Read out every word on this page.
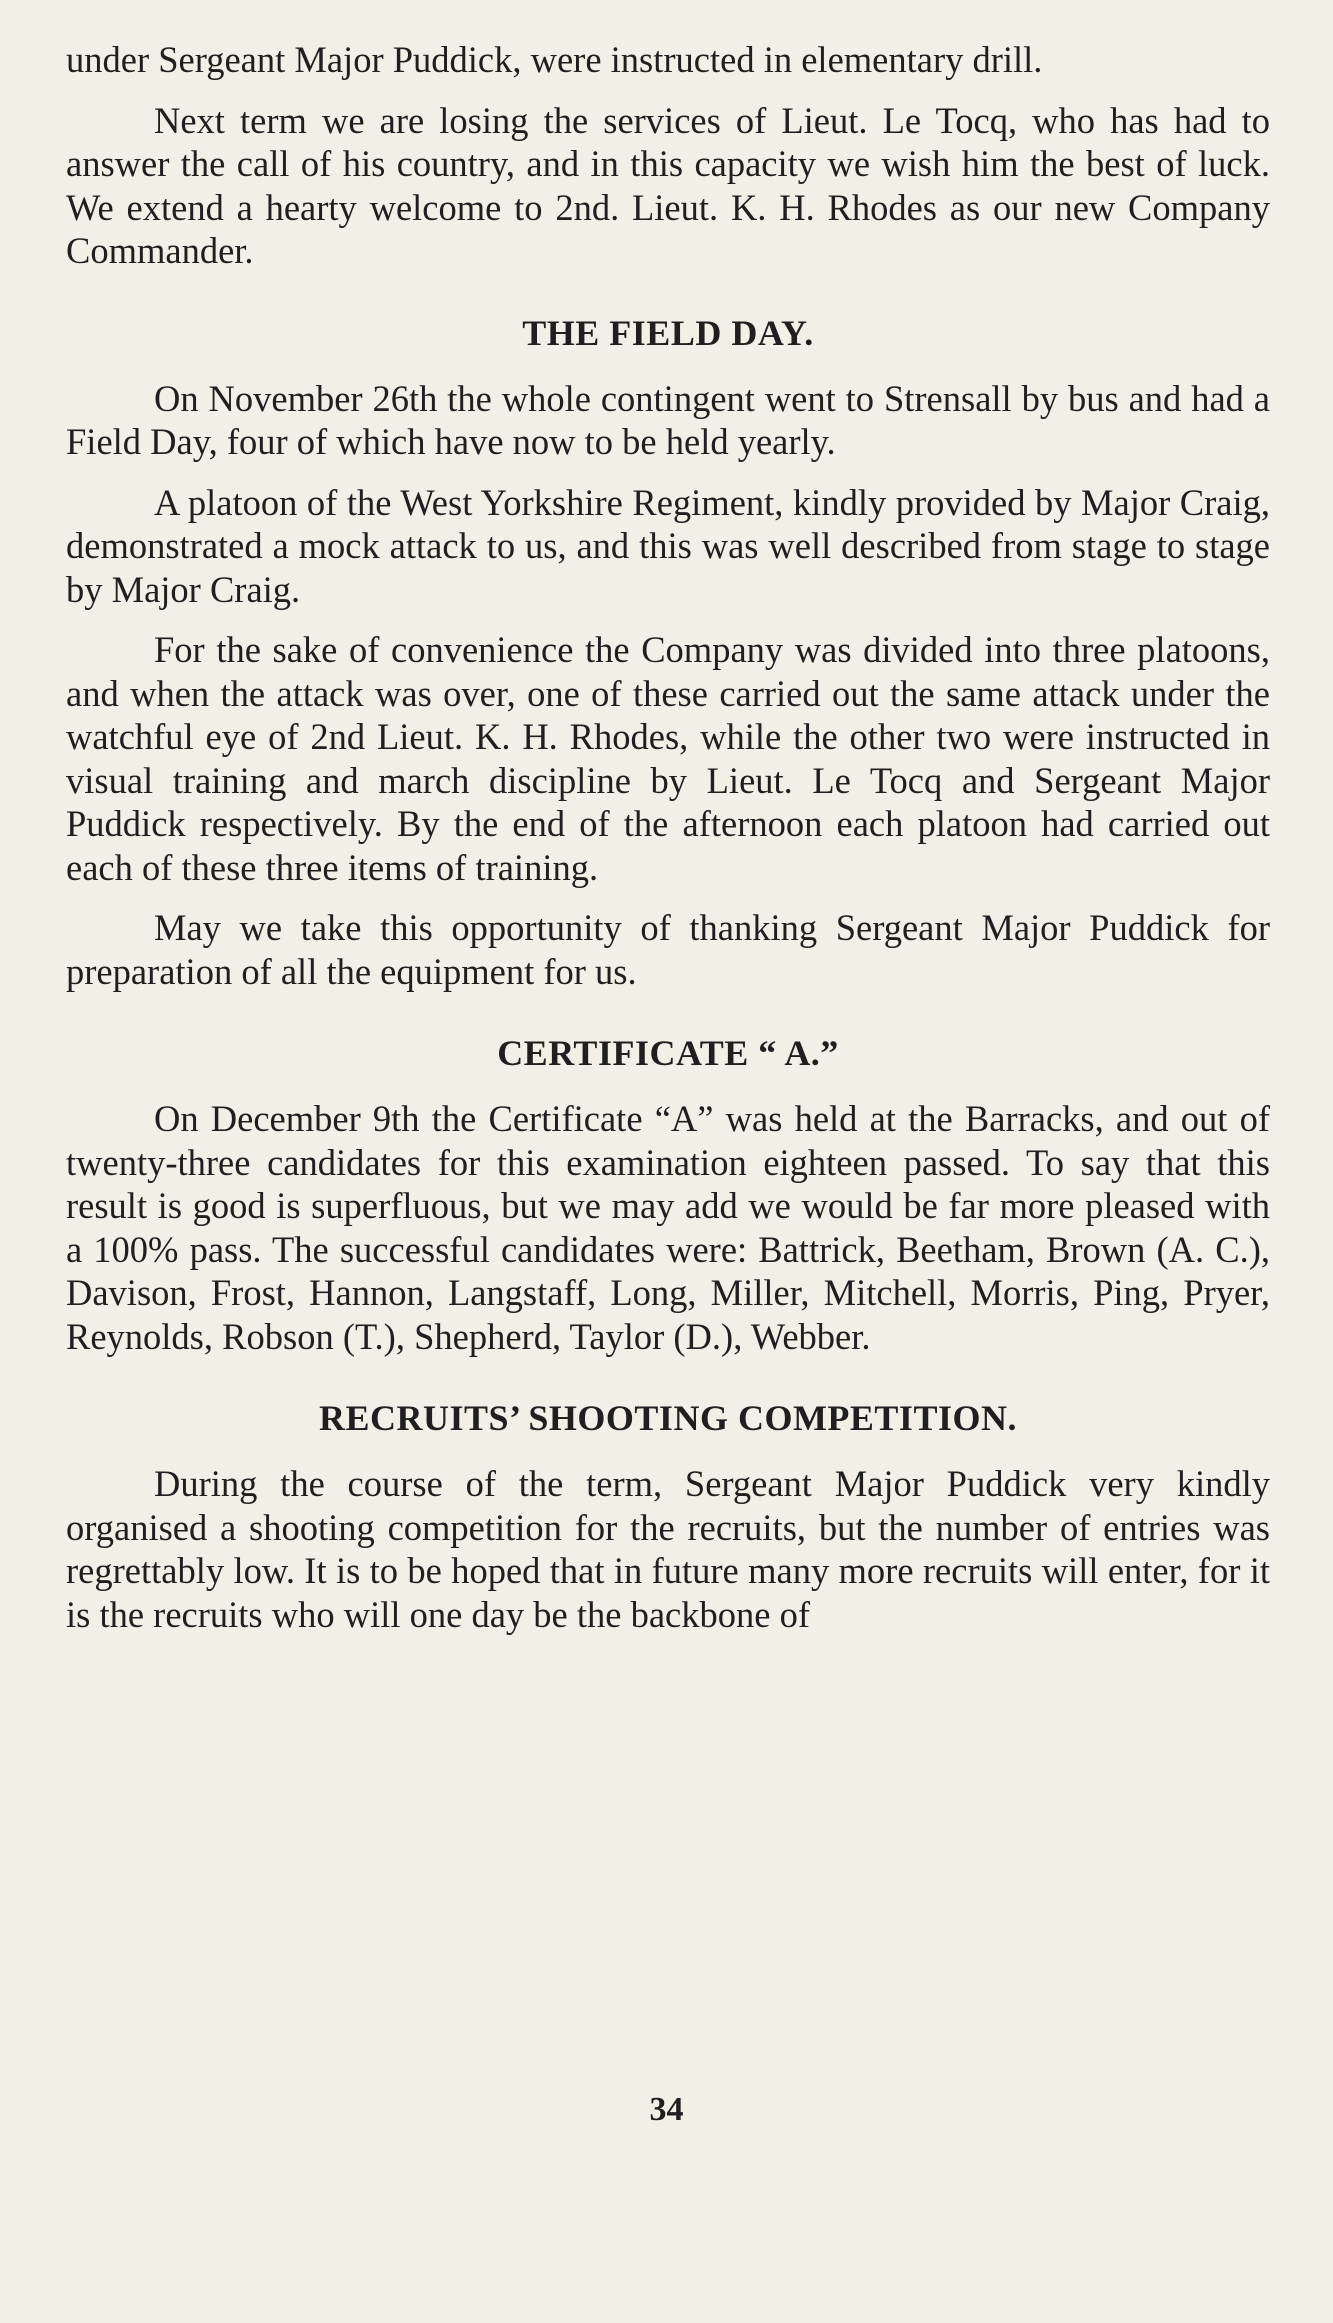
under Sergeant Major Puddick, were instructed in elementary drill.

Next term we are losing the services of Lieut. Le Tocq, who has had to answer the call of his country, and in this capacity we wish him the best of luck. We extend a hearty welcome to 2nd. Lieut. K. H. Rhodes as our new Company Commander.

THE FIELD DAY.

On November 26th the whole contingent went to Strensall by bus and had a Field Day, four of which have now to be held yearly.

A platoon of the West Yorkshire Regiment, kindly provided by Major Craig, demonstrated a mock attack to us, and this was well described from stage to stage by Major Craig.

For the sake of convenience the Company was divided into three platoons, and when the attack was over, one of these carried out the same attack under the watchful eye of 2nd Lieut. K. H. Rhodes, while the other two were instructed in visual training and march discipline by Lieut. Le Tocq and Sergeant Major Puddick respectively. By the end of the afternoon each platoon had carried out each of these three items of training.

May we take this opportunity of thanking Sergeant Major Puddick for preparation of all the equipment for us.

CERTIFICATE “ A.”

On December 9th the Certificate “A” was held at the Barracks, and out of twenty-three candidates for this examination eighteen passed. To say that this result is good is superfluous, but we may add we would be far more pleased with a 100% pass. The successful candidates were: Battrick, Beetham, Brown (A. C.), Davison, Frost, Hannon, Langstaff, Long, Miller, Mitchell, Morris, Ping, Pryer, Reynolds, Robson (T.), Shepherd, Taylor (D.), Webber.

RECRUITS’ SHOOTING COMPETITION.

During the course of the term, Sergeant Major Puddick very kindly organised a shooting competition for the recruits, but the number of entries was regrettably low. It is to be hoped that in future many more recruits will enter, for it is the recruits who will one day be the backbone of

34
